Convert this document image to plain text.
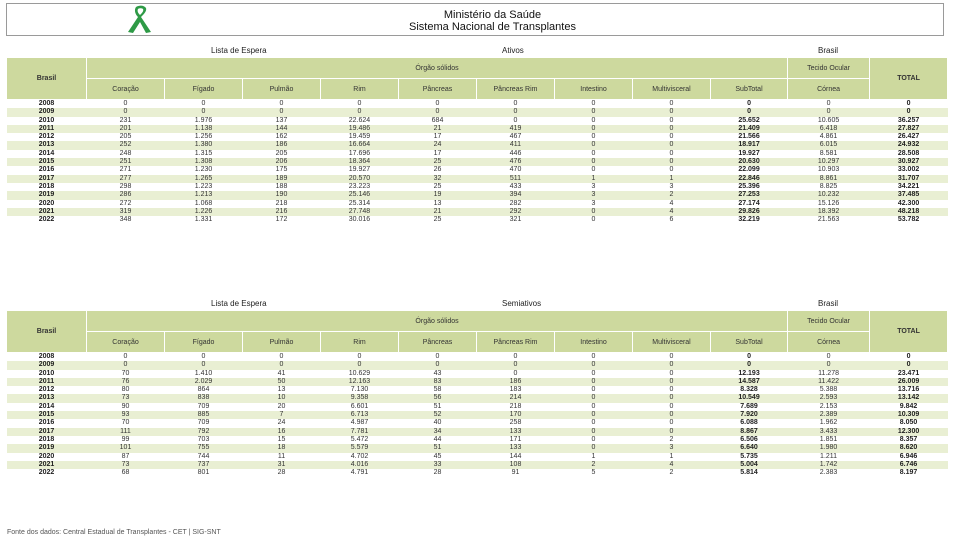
Ministério da Saúde
Sistema Nacional de Transplantes
Lista de Espera	Ativos	Brasil
Brasil	Órgão sólidos									Tecido Ocular	TOTAL
	Coração	Fígado	Pulmão	Rim	Pâncreas	Pâncreas Rim	Intestino	Multivisceral	SubTotal	Córnea	
2008	0	0	0	0	0	0	0	0	0	0	0
2009	0	0	0	0	0	0	0	0	0	0	0
2010	231	1.976	137	22.624	684	0	0	0	25.652	10.605	36.257
2011	201	1.138	144	19.486	21	419	0	0	21.409	6.418	27.827
2012	205	1.256	162	19.459	17	467	0	0	21.566	4.861	26.427
2013	252	1.380	186	16.664	24	411	0	0	18.917	6.015	24.932
2014	248	1.315	205	17.696	17	446	0	0	19.927	8.581	28.508
2015	251	1.308	206	18.364	25	476	0	0	20.630	10.297	30.927
2016	271	1.230	175	19.927	26	470	0	0	22.099	10.903	33.002
2017	277	1.265	189	20.570	32	511	1	1	22.846	8.861	31.707
2018	298	1.223	188	23.223	25	433	3	3	25.396	8.825	34.221
2019	286	1.213	190	25.146	19	394	3	2	27.253	10.232	37.485
2020	272	1.068	218	25.314	13	282	3	4	27.174	15.126	42.300
2021	319	1.226	216	27.748	21	292	0	4	29.826	18.392	48.218
2022	348	1.331	172	30.016	25	321	0	6	32.219	21.563	53.782
Lista de Espera	Semiativos	Brasil
Brasil	Órgão sólidos									Tecido Ocular	TOTAL
	Coração	Fígado	Pulmão	Rim	Pâncreas	Pâncreas Rim	Intestino	Multivisceral	SubTotal	Córnea	
2008	0	0	0	0	0	0	0	0	0	0	0
2009	0	0	0	0	0	0	0	0	0	0	0
2010	70	1.410	41	10.629	43	0	0	0	12.193	11.278	23.471
2011	76	2.029	50	12.163	83	186	0	0	14.587	11.422	26.009
2012	80	864	13	7.130	58	183	0	0	8.328	5.388	13.716
2013	73	838	10	9.358	56	214	0	0	10.549	2.593	13.142
2014	90	709	20	6.601	51	218	0	0	7.689	2.153	9.842
2015	93	885	7	6.713	52	170	0	0	7.920	2.389	10.309
2016	70	709	24	4.987	40	258	0	0	6.088	1.962	8.050
2017	111	792	16	7.781	34	133	0	0	8.867	3.433	12.300
2018	99	703	15	5.472	44	171	0	2	6.506	1.851	8.357
2019	101	755	18	5.579	51	133	0	3	6.640	1.980	8.620
2020	87	744	11	4.702	45	144	1	1	5.735	1.211	6.946
2021	73	737	31	4.016	33	108	2	4	5.004	1.742	6.746
2022	68	801	28	4.791	28	91	5	2	5.814	2.383	8.197
Fonte dos dados: Central Estadual de Transplantes - CET | SIG-SNT
